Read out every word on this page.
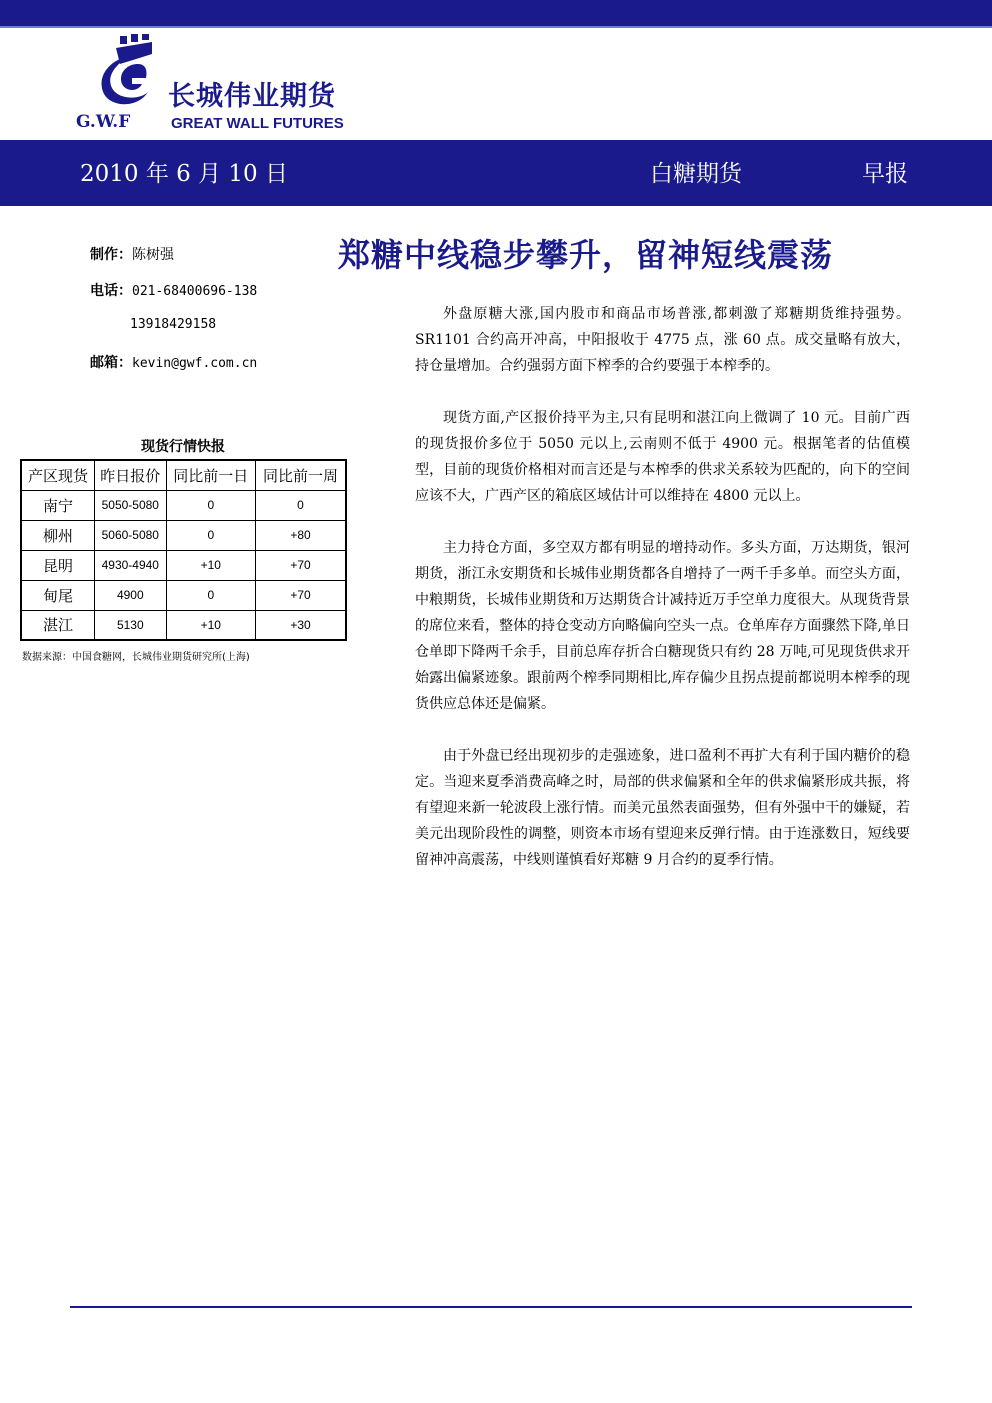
长城伟业期货
G.W.F	GREAT WALL FUTURES
2010 年 6 月 10 日	白糖期货	早报
制作：陈树强
电话：021-68400696-138
13918429158
邮箱：kevin@gwf.com.cn
郑糖中线稳步攀升，留神短线震荡
现货行情快报
产区现货	昨日报价	同比前一日	同比前一周
南宁	5050-5080	0	0
柳州	5060-5080	0	+80
昆明	4930-4940	+10	+70
甸尾	4900	0	+70
湛江	5130	+10	+30
数据来源：中国食糖网，长城伟业期货研究所(上海)

外盘原糖大涨,国内股市和商品市场普涨,都刺激了郑糖期货维持强势。SR1101 合约高开冲高，中阳报收于 4775 点，涨 60 点。成交量略有放大，持仓量增加。合约强弱方面下榨季的合约要强于本榨季的。

现货方面,产区报价持平为主,只有昆明和湛江向上微调了 10 元。目前广西的现货报价多位于 5050 元以上,云南则不低于 4900 元。根据笔者的估值模型，目前的现货价格相对而言还是与本榨季的供求关系较为匹配的，向下的空间应该不大，广西产区的箱底区域估计可以维持在 4800 元以上。

主力持仓方面，多空双方都有明显的增持动作。多头方面，万达期货，银河期货，浙江永安期货和长城伟业期货都各自增持了一两千手多单。而空头方面，中粮期货，长城伟业期货和万达期货合计减持近万手空单力度很大。从现货背景的席位来看，整体的持仓变动方向略偏向空头一点。仓单库存方面骤然下降,单日仓单即下降两千余手，目前总库存折合白糖现货只有约 28 万吨,可见现货供求开始露出偏紧迹象。跟前两个榨季同期相比,库存偏少且拐点提前都说明本榨季的现货供应总体还是偏紧。

由于外盘已经出现初步的走强迹象，进口盈利不再扩大有利于国内糖价的稳定。当迎来夏季消费高峰之时，局部的供求偏紧和全年的供求偏紧形成共振，将有望迎来新一轮波段上涨行情。而美元虽然表面强势，但有外强中干的嫌疑，若美元出现阶段性的调整，则资本市场有望迎来反弹行情。由于连涨数日，短线要留神冲高震荡，中线则谨慎看好郑糖 9 月合约的夏季行情。
